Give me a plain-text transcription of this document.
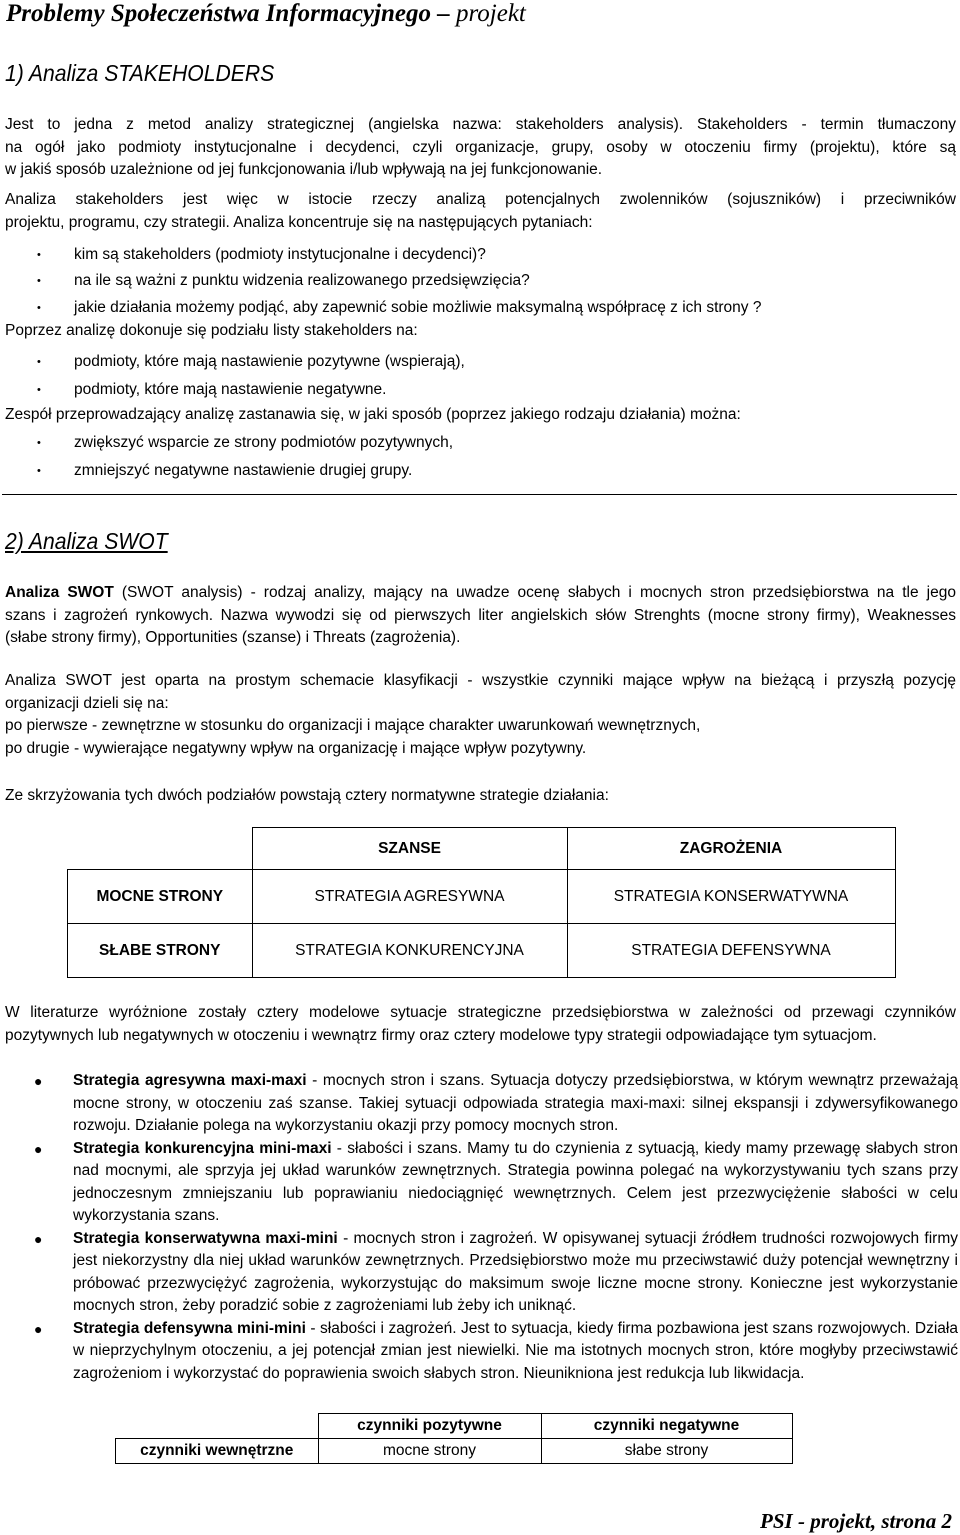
Problemy Społeczeństwa Informacyjnego – projekt
1) Analiza STAKEHOLDERS
Jest to jedna z metod analizy strategicznej (angielska nazwa: stakeholders analysis). Stakeholders - termin tłumaczony
na ogół jako podmioty instytucjonalne i decydenci, czyli organizacje, grupy, osoby w otoczeniu firmy (projektu), które są
w jakiś sposób uzależnione od jej funkcjonowania i/lub wpływają na jej funkcjonowanie.
Analiza stakeholders jest więc w istocie rzeczy analizą potencjalnych zwolenników (sojuszników) i przeciwników
projektu, programu, czy strategii. Analiza koncentruje się na następujących pytaniach:
• kim są stakeholders (podmioty instytucjonalne i decydenci)?
• na ile są ważni z punktu widzenia realizowanego przedsięwzięcia?
• jakie działania możemy podjąć, aby zapewnić sobie możliwie maksymalną współpracę z ich strony ?
Poprzez analizę dokonuje się podziału listy stakeholders na:
• podmioty, które mają nastawienie pozytywne (wspierają),
• podmioty, które mają nastawienie negatywne.
Zespół przeprowadzający analizę zastanawia się, w jaki sposób (poprzez jakiego rodzaju działania) można:
• zwiększyć wsparcie ze strony podmiotów pozytywnych,
• zmniejszyć negatywne nastawienie drugiej grupy.
2) Analiza SWOT
Analiza SWOT (SWOT analysis) - rodzaj analizy, mający na uwadze ocenę słabych i mocnych stron przedsiębiorstwa na tle jego
szans i zagrożeń rynkowych. Nazwa wywodzi się od pierwszych liter angielskich słów Strenghts (mocne strony firmy), Weaknesses
(słabe strony firmy), Opportunities (szanse) i Threats (zagrożenia).
Analiza SWOT jest oparta na prostym schemacie klasyfikacji - wszystkie czynniki mające wpływ na bieżącą i przyszłą pozycję
organizacji dzieli się na:
po pierwsze - zewnętrzne w stosunku do organizacji i mające charakter uwarunkowań wewnętrznych,
po drugie - wywierające negatywny wpływ na organizację i mające wpływ pozytywny.
Ze skrzyżowania tych dwóch podziałów powstają cztery normatywne strategie działania:
	SZANSE	ZAGROŻENIA
MOCNE STRONY	STRATEGIA AGRESYWNA	STRATEGIA KONSERWATYWNA
SŁABE STRONY	STRATEGIA KONKURENCYJNA	STRATEGIA DEFENSYWNA
W literaturze wyróżnione zostały cztery modelowe sytuacje strategiczne przedsiębiorstwa w zależności od przewagi czynników
pozytywnych lub negatywnych w otoczeniu i wewnątrz firmy oraz cztery modelowe typy strategii odpowiadające tym sytuacjom.
● Strategia agresywna maxi-maxi - mocnych stron i szans. Sytuacja dotyczy przedsiębiorstwa, w którym wewnątrz przeważają mocne strony, w otoczeniu zaś szanse. Takiej sytuacji odpowiada strategia maxi-maxi: silnej ekspansji i zdywersyfikowanego rozwoju. Działanie polega na wykorzystaniu okazji przy pomocy mocnych stron.
● Strategia konkurencyjna mini-maxi - słabości i szans. Mamy tu do czynienia z sytuacją, kiedy mamy przewagę słabych stron nad mocnymi, ale sprzyja jej układ warunków zewnętrznych. Strategia powinna polegać na wykorzystywaniu tych szans przy jednoczesnym zmniejszaniu lub poprawianiu niedociągnięć wewnętrznych. Celem jest przezwyciężenie słabości w celu wykorzystania szans.
● Strategia konserwatywna maxi-mini - mocnych stron i zagrożeń. W opisywanej sytuacji źródłem trudności rozwojowych firmy jest niekorzystny dla niej układ warunków zewnętrznych. Przedsiębiorstwo może mu przeciwstawić duży potencjał wewnętrzny i próbować przezwyciężyć zagrożenia, wykorzystując do maksimum swoje liczne mocne strony. Konieczne jest wykorzystanie mocnych stron, żeby poradzić sobie z zagrożeniami lub żeby ich uniknąć.
● Strategia defensywna mini-mini - słabości i zagrożeń. Jest to sytuacja, kiedy firma pozbawiona jest szans rozwojowych. Działa w nieprzychylnym otoczeniu, a jej potencjał zmian jest niewielki. Nie ma istotnych mocnych stron, które mogłyby przeciwstawić zagrożeniom i wykorzystać do poprawienia swoich słabych stron. Nieunikniona jest redukcja lub likwidacja.
	czynniki pozytywne	czynniki negatywne
czynniki wewnętrzne	mocne strony	słabe strony
PSI - projekt, strona 2
